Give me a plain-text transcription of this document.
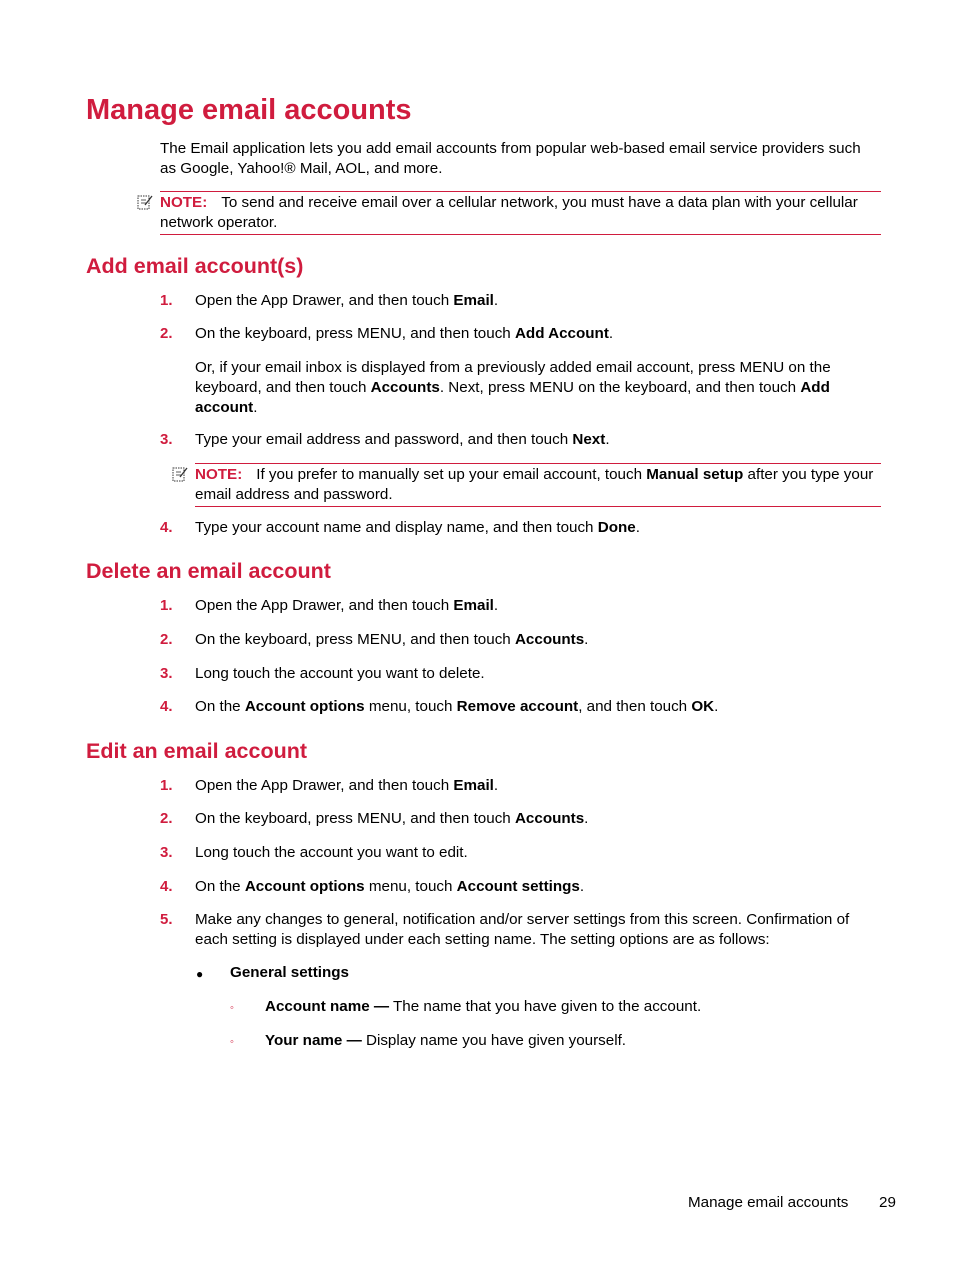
Manage email accounts
The Email application lets you add email accounts from popular web-based email service providers such as Google, Yahoo!® Mail, AOL, and more.
NOTE: To send and receive email over a cellular network, you must have a data plan with your cellular network operator.
Add email account(s)
1. Open the App Drawer, and then touch Email.
2. On the keyboard, press MENU, and then touch Add Account.
Or, if your email inbox is displayed from a previously added email account, press MENU on the keyboard, and then touch Accounts. Next, press MENU on the keyboard, and then touch Add account.
3. Type your email address and password, and then touch Next.
NOTE: If you prefer to manually set up your email account, touch Manual setup after you type your email address and password.
4. Type your account name and display name, and then touch Done.
Delete an email account
1. Open the App Drawer, and then touch Email.
2. On the keyboard, press MENU, and then touch Accounts.
3. Long touch the account you want to delete.
4. On the Account options menu, touch Remove account, and then touch OK.
Edit an email account
1. Open the App Drawer, and then touch Email.
2. On the keyboard, press MENU, and then touch Accounts.
3. Long touch the account you want to edit.
4. On the Account options menu, touch Account settings.
5. Make any changes to general, notification and/or server settings from this screen. Confirmation of each setting is displayed under each setting name. The setting options are as follows:
● General settings
◦ Account name — The name that you have given to the account.
◦ Your name — Display name you have given yourself.
Manage email accounts 29
